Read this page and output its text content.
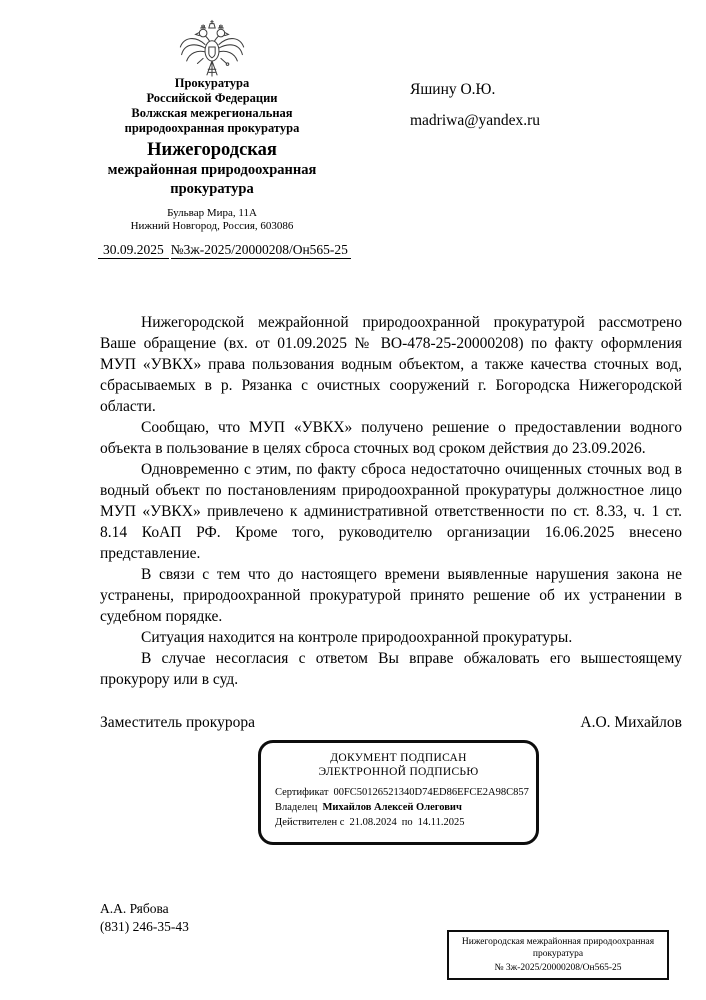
Прокуратура
Российской Федерации
Волжская межрегиональная
природоохранная прокуратура
Нижегородская
межрайонная природоохранная
прокуратура
Бульвар Мира, 11А
Нижний Новгород, Россия, 603086
30.09.2025 №3ж-2025/20000208/Он565-25
Яшину О.Ю.
madriwa@yandex.ru

Нижегородской межрайонной природоохранной прокуратурой рассмотрено Ваше обращение (вх. от 01.09.2025 № ВО-478-25-20000208) по факту оформления МУП «УВКХ» права пользования водным объектом, а также качества сточных вод, сбрасываемых в р. Рязанка с очистных сооружений г. Богородска Нижегородской области.

Сообщаю, что МУП «УВКХ» получено решение о предоставлении водного объекта в пользование в целях сброса сточных вод сроком действия до 23.09.2026.

Одновременно с этим, по факту сброса недостаточно очищенных сточных вод в водный объект по постановлениям природоохранной прокуратуры должностное лицо МУП «УВКХ» привлечено к административной ответственности по ст. 8.33, ч. 1 ст. 8.14 КоАП РФ. Кроме того, руководителю организации 16.06.2025 внесено представление.

В связи с тем что до настоящего времени выявленные нарушения закона не устранены, природоохранной прокуратурой принято решение об их устранении в судебном порядке.

Ситуация находится на контроле природоохранной прокуратуры.

В случае несогласия с ответом Вы вправе обжаловать его вышестоящему прокурору или в суд.

Заместитель прокурора	А.О. Михайлов
ДОКУМЕНТ ПОДПИСАН
ЭЛЕКТРОННОЙ ПОДПИСЬЮ
Сертификат 00FC50126521340D74ED86EFCE2A98C857
Владелец Михайлов Алексей Олегович
Действителен с 21.08.2024 по 14.11.2025
А.А. Рябова
(831) 246-35-43
Нижегородская межрайонная природоохранная прокуратура
№ 3ж-2025/20000208/Он565-25
